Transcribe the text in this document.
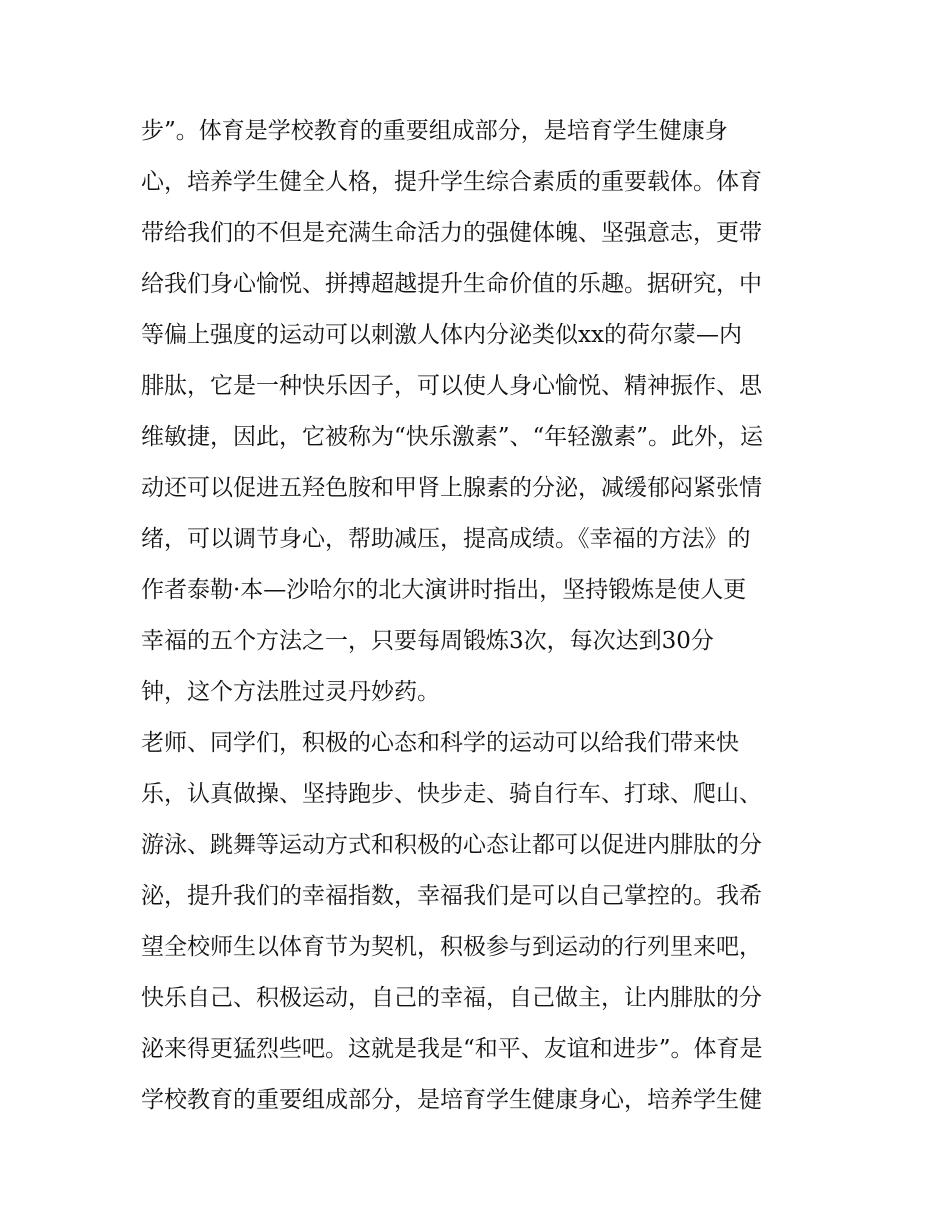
步”。体育是学校教育的重要组成部分，是培育学生健康身
心，培养学生健全人格，提升学生综合素质的重要载体。体育
带给我们的不但是充满生命活力的强健体魄、坚强意志，更带
给我们身心愉悦、拼搏超越提升生命价值的乐趣。据研究，中
等偏上强度的运动可以刺激人体内分泌类似xx的荷尔蒙—内
腓肽，它是一种快乐因子，可以使人身心愉悦、精神振作、思
维敏捷，因此，它被称为“快乐激素”、“年轻激素”。此外，运
动还可以促进五羟色胺和甲肾上腺素的分泌，减缓郁闷紧张情
绪，可以调节身心，帮助减压，提高成绩。《幸福的方法》的
作者泰勒·本—沙哈尔的北大演讲时指出，坚持锻炼是使人更
幸福的五个方法之一，只要每周锻炼3次，每次达到30分
钟，这个方法胜过灵丹妙药。
老师、同学们，积极的心态和科学的运动可以给我们带来快
乐，认真做操、坚持跑步、快步走、骑自行车、打球、爬山、
游泳、跳舞等运动方式和积极的心态让都可以促进内腓肽的分
泌，提升我们的幸福指数，幸福我们是可以自己掌控的。我希
望全校师生以体育节为契机，积极参与到运动的行列里来吧，
快乐自己、积极运动，自己的幸福，自己做主，让内腓肽的分
泌来得更猛烈些吧。这就是我是“和平、友谊和进步”。体育是
学校教育的重要组成部分，是培育学生健康身心，培养学生健
